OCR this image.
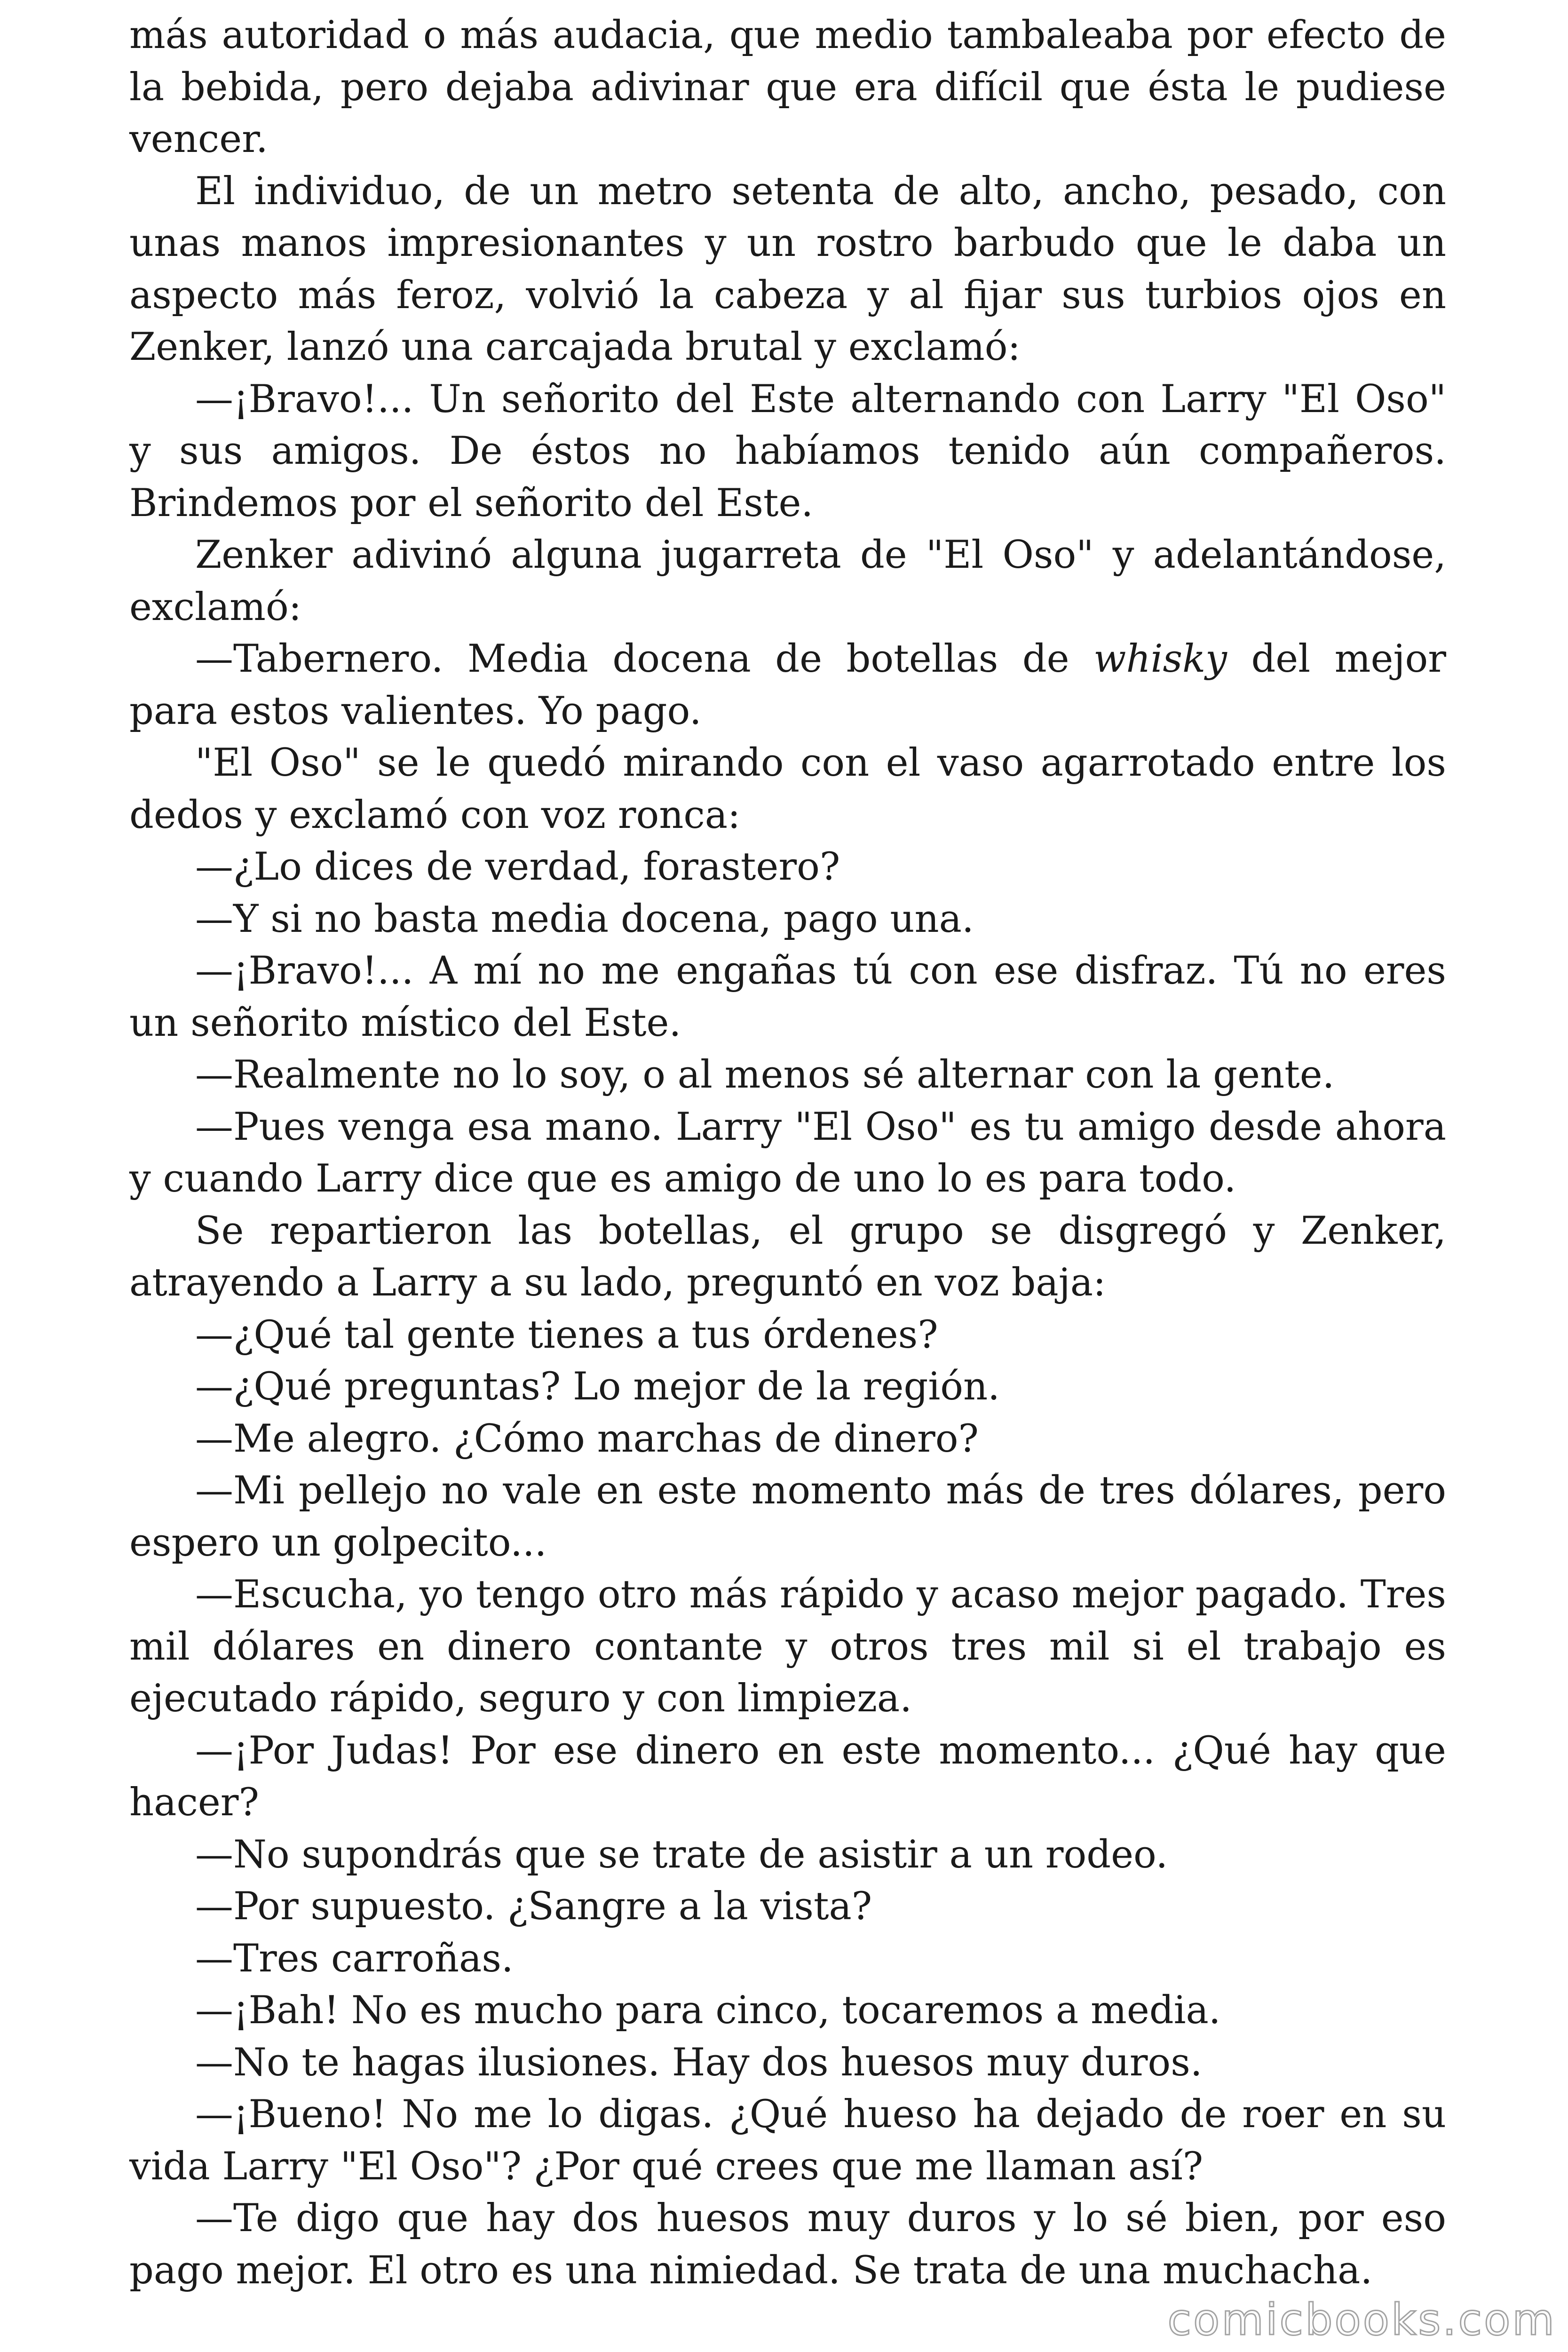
más autoridad o más audacia, que medio tambaleaba por efecto de la bebida, pero dejaba adivinar que era difícil que ésta le pudiese vencer.

El individuo, de un metro setenta de alto, ancho, pesado, con unas manos impresionantes y un rostro barbudo que le daba un aspecto más feroz, volvió la cabeza y al fijar sus turbios ojos en Zenker, lanzó una carcajada brutal y exclamó:

—¡Bravo!... Un señorito del Este alternando con Larry "El Oso" y sus amigos. De éstos no habíamos tenido aún compañeros. Brindemos por el señorito del Este.

Zenker adivinó alguna jugarreta de "El Oso" y adelantándose, exclamó:

—Tabernero. Media docena de botellas de whisky del mejor para estos valientes. Yo pago.

"El Oso" se le quedó mirando con el vaso agarrotado entre los dedos y exclamó con voz ronca:

—¿Lo dices de verdad, forastero?

—Y si no basta media docena, pago una.

—¡Bravo!... A mí no me engañas tú con ese disfraz. Tú no eres un señorito místico del Este.

—Realmente no lo soy, o al menos sé alternar con la gente.

—Pues venga esa mano. Larry "El Oso" es tu amigo desde ahora y cuando Larry dice que es amigo de uno lo es para todo.

Se repartieron las botellas, el grupo se disgregó y Zenker, atrayendo a Larry a su lado, preguntó en voz baja:

—¿Qué tal gente tienes a tus órdenes?

—¿Qué preguntas? Lo mejor de la región.

—Me alegro. ¿Cómo marchas de dinero?

—Mi pellejo no vale en este momento más de tres dólares, pero espero un golpecito...

—Escucha, yo tengo otro más rápido y acaso mejor pagado. Tres mil dólares en dinero contante y otros tres mil si el trabajo es ejecutado rápido, seguro y con limpieza.

—¡Por Judas! Por ese dinero en este momento... ¿Qué hay que hacer?

—No supondrás que se trate de asistir a un rodeo.

—Por supuesto. ¿Sangre a la vista?

—Tres carroñas.

—¡Bah! No es mucho para cinco, tocaremos a media.

—No te hagas ilusiones. Hay dos huesos muy duros.

—¡Bueno! No me lo digas. ¿Qué hueso ha dejado de roer en su vida Larry "El Oso"? ¿Por qué crees que me llaman así?

—Te digo que hay dos huesos muy duros y lo sé bien, por eso pago mejor. El otro es una nimiedad. Se trata de una muchacha.

comicbooks.com
